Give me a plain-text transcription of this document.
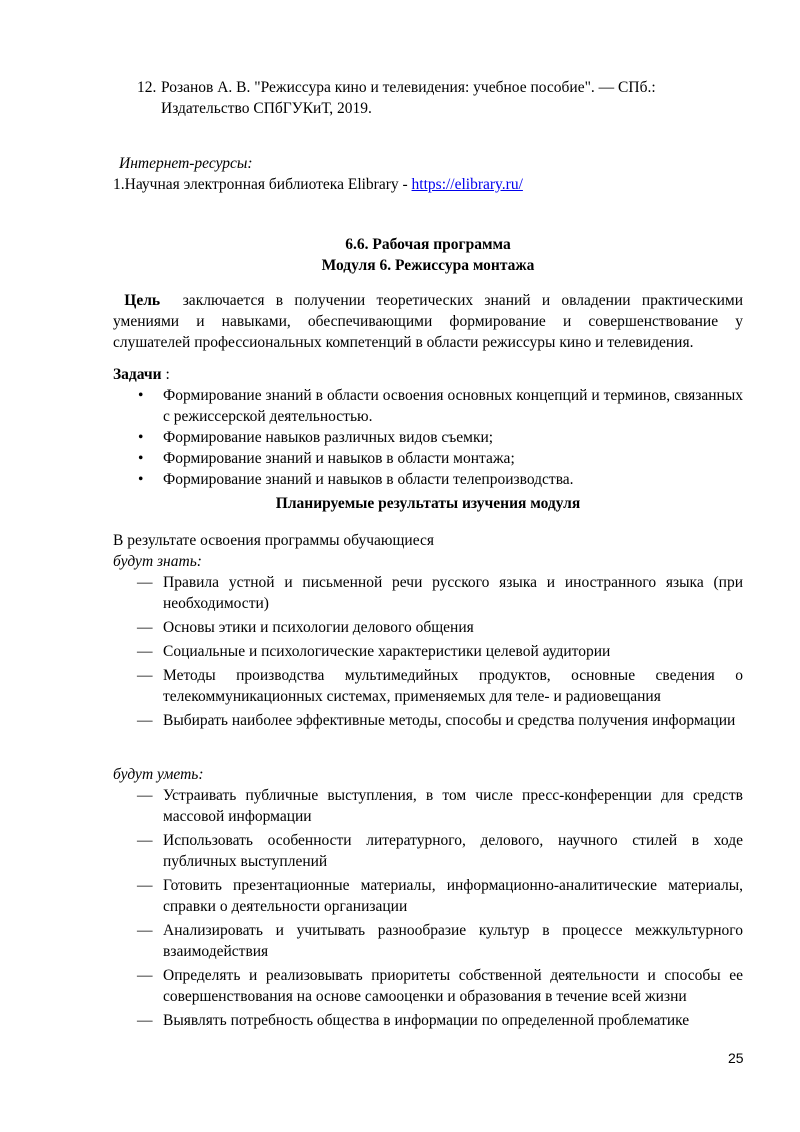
12. Розанов А. В. "Режиссура кино и телевидения: учебное пособие". — СПб.:
Издательство СПбГУКиТ, 2019.
Интернет-ресурсы:
1.Научная электронная библиотека Elibrary - https://elibrary.ru/
6.6. Рабочая программа
Модуля 6. Режиссура монтажа
Цель заключается в получении теоретических знаний и овладении практическими
умениями и навыками, обеспечивающими формирование и совершенствование у
слушателей профессиональных компетенций в области режиссуры кино и телевидения.
Задачи :
• Формирование знаний в области освоения основных концепций и терминов, связанных с режиссерской деятельностью.
• Формирование навыков различных видов съемки;
• Формирование знаний и навыков в области монтажа;
• Формирование знаний и навыков в области телепроизводства.
Планируемые результаты изучения модуля
В результате освоения программы обучающиеся
будут знать:
— Правила устной и письменной речи русского языка и иностранного языка (при необходимости)
— Основы этики и психологии делового общения
— Социальные и психологические характеристики целевой аудитории
— Методы производства мультимедийных продуктов, основные сведения о телекоммуникационных системах, применяемых для теле- и радиовещания
— Выбирать наиболее эффективные методы, способы и средства получения информации
будут уметь:
— Устраивать публичные выступления, в том числе пресс-конференции для средств массовой информации
— Использовать особенности литературного, делового, научного стилей в ходе публичных выступлений
— Готовить презентационные материалы, информационно-аналитические материалы, справки о деятельности организации
— Анализировать и учитывать разнообразие культур в процессе межкультурного взаимодействия
— Определять и реализовывать приоритеты собственной деятельности и способы ее совершенствования на основе самооценки и образования в течение всей жизни
— Выявлять потребность общества в информации по определенной проблематике
25
